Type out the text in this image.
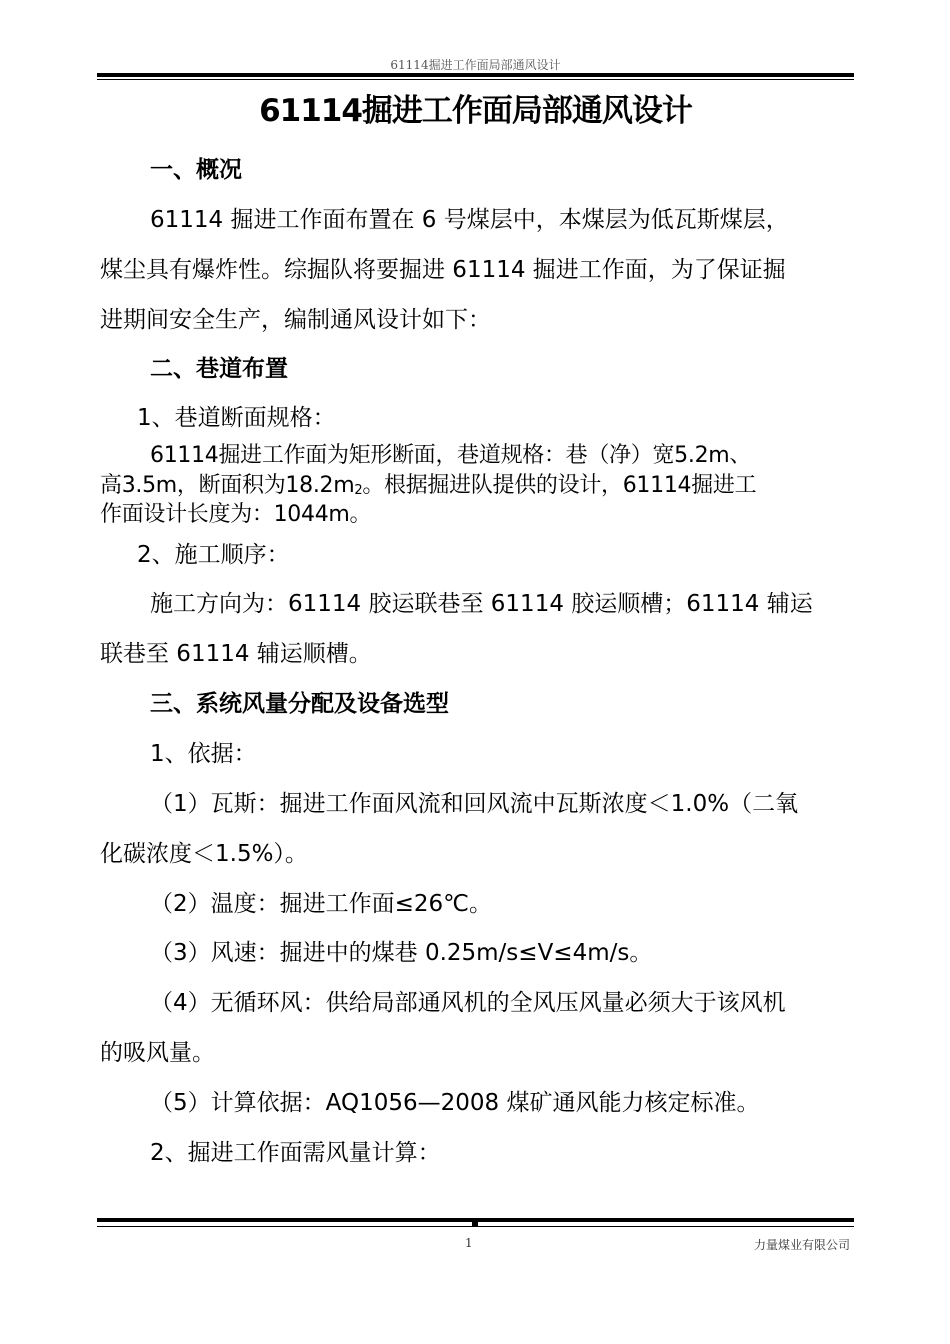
61114掘进工作面局部通风设计
61114掘进工作面局部通风设计
一、概况
61114 掘进工作面布置在 6 号煤层中，本煤层为低瓦斯煤层，
煤尘具有爆炸性。综掘队将要掘进 61114 掘进工作面，为了保证掘
进期间安全生产，编制通风设计如下：
二、巷道布置
1、巷道断面规格：
61114掘进工作面为矩形断面，巷道规格：巷（净）宽5.2m、
高3.5m，断面积为$18.2m_2$。根据掘进队提供的设计，61114掘进工
作面设计长度为：1044m。
2、施工顺序：
施工方向为：61114 胶运联巷至 61114 胶运顺槽；61114 辅运
联巷至 61114 辅运顺槽。
三、系统风量分配及设备选型
1、依据：
（1）瓦斯：掘进工作面风流和回风流中瓦斯浓度＜1.0%（二氧
化碳浓度＜1.5%）。
（2）温度：掘进工作面≤26℃。
（3）风速：掘进中的煤巷 0.25m/s≤V≤4m/s。
（4）无循环风：供给局部通风机的全风压风量必须大于该风机
的吸风量。
（5）计算依据：AQ1056—2008 煤矿通风能力核定标准。
2、掘进工作面需风量计算：
1	力量煤业有限公司
